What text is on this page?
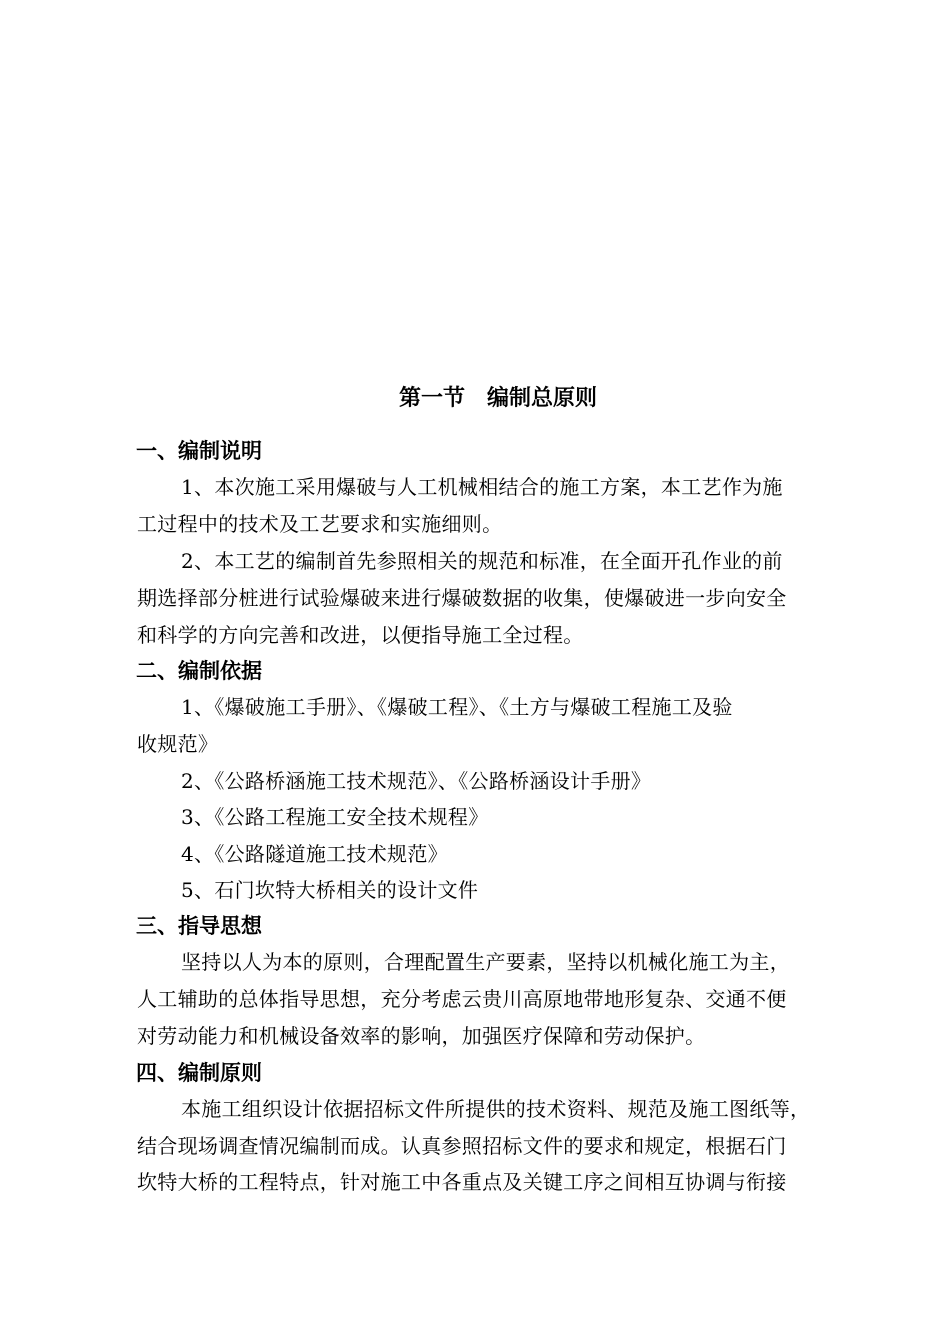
第一节　编制总原则
一、编制说明
1、本次施工采用爆破与人工机械相结合的施工方案，本工艺作为施
工过程中的技术及工艺要求和实施细则。
2、本工艺的编制首先参照相关的规范和标准，在全面开孔作业的前
期选择部分桩进行试验爆破来进行爆破数据的收集，使爆破进一步向安全
和科学的方向完善和改进，以便指导施工全过程。
二、编制依据
1、《爆破施工手册》、《爆破工程》、《土方与爆破工程施工及验
收规范》
2、《公路桥涵施工技术规范》、《公路桥涵设计手册》
3、《公路工程施工安全技术规程》
4、《公路隧道施工技术规范》
5、石门坎特大桥相关的设计文件
三、指导思想
坚持以人为本的原则，合理配置生产要素，坚持以机械化施工为主，
人工辅助的总体指导思想，充分考虑云贵川高原地带地形复杂、交通不便
对劳动能力和机械设备效率的影响，加强医疗保障和劳动保护。
四、编制原则
本施工组织设计依据招标文件所提供的技术资料、规范及施工图纸等，
结合现场调查情况编制而成。认真参照招标文件的要求和规定，根据石门
坎特大桥的工程特点，针对施工中各重点及关键工序之间相互协调与衔接
